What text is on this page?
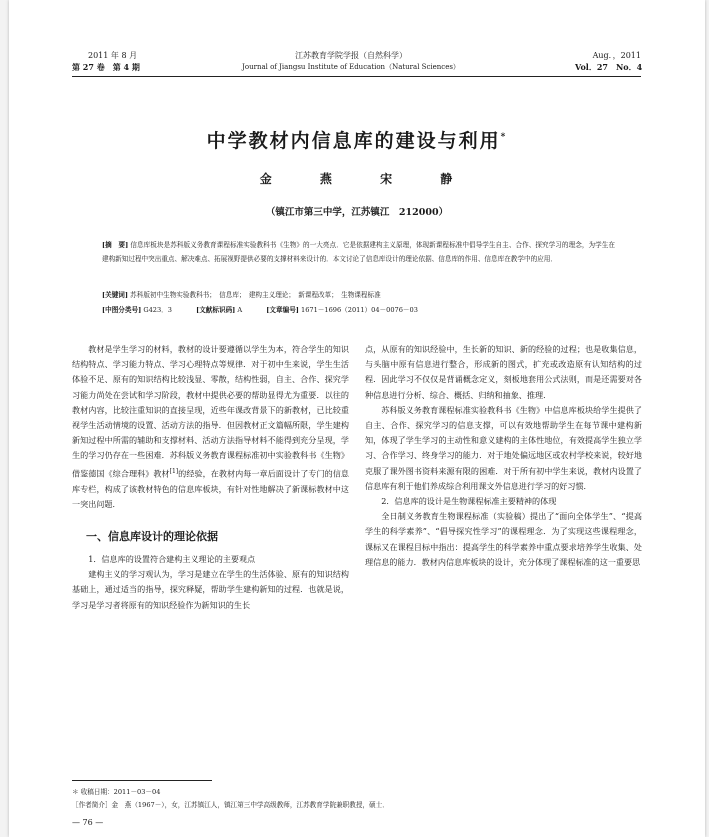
2011 年 8 月
第 27 卷　第 4 期
江苏教育学院学报（自然科学）
Journal of Jiangsu Institute of Education（Natural Sciences）
Aug．，2011
Vol．27　No．4
中学教材内信息库的建设与利用*
金 燕 宋 静
（镇江市第三中学，江苏镇江　212000）
[摘　要] 信息库板块是苏科版义务教育课程标准实验教科书《生物》的一大亮点．它是依据建构主义原理，体现新课程标准中倡导学生自主、合作、探究学习的理念，为学生在建构新知过程中突出重点、解决难点、拓展视野提供必要的支撑材料来设计的．本文讨论了信息库设计的理论依据、信息库的作用、信息库在教学中的应用．
[关键词] 苏科版初中生物实验教科书；　信息库；　建构主义理论；　新课程改革；　生物课程标准
[中图分类号] G423．3	[文献标识码] A	[文章编号] 1671－1696（2011）04－0076－03

教材是学生学习的材料，教材的设计要遵循以学生为本，符合学生的知识结构特点、学习能力特点、学习心理特点等规律．对于初中生来说，学生生活体验不足、原有的知识结构比较浅显、零散，结构性弱，自主、合作、探究学习能力尚处在尝试和学习阶段，教材中提供必要的帮助显得尤为重要．以往的教材内容，比较注重知识的直接呈现，近些年课改背景下的新教材，已比较重视学生活动情境的设置、活动方法的指导．但因教材正文篇幅所限，学生建构新知过程中所需的辅助和支撑材料、活动方法指导材料不能得到充分呈现，学生的学习仍存在一些困难．苏科版义务教育课程标准初中实验教科书《生物》借鉴德国《综合理科》教材[1]的经验，在教材内每一章后面设计了专门的信息库专栏，构成了该教材特色的信息库板块，有针对性地解决了新课标教材中这一突出问题．

一、信息库设计的理论依据

1．信息库的设置符合建构主义理论的主要观点

建构主义的学习观认为，学习是建立在学生的生活体验、原有的知识结构基础上，通过适当的指导，探究释疑，帮助学生建构新知的过程．也就是说，学习是学习者将原有的知识经验作为新知识的生长

点，从原有的知识经验中，生长新的知识、新的经验的过程；也是收集信息，与头脑中原有信息进行整合，形成新的图式，扩充或改造原有认知结构的过程．因此学习不仅仅是背诵概念定义，刻板地套用公式法则，而是还需要对各种信息进行分析、综合、概括、归纳和抽象、推理．

苏科版义务教育课程标准实验教科书《生物》中信息库板块给学生提供了自主、合作、探究学习的信息支撑，可以有效地帮助学生在每节课中建构新知，体现了学生学习的主动性和意义建构的主体性地位，有效提高学生独立学习、合作学习、终身学习的能力．对于地处偏远地区或农村学校来说，较好地克服了课外图书资料来源有限的困难．对于所有初中学生来说，教材内设置了信息库有利于他们养成综合利用课文外信息进行学习的好习惯．

2．信息库的设计是生物课程标准主要精神的体现

全日制义务教育生物课程标准（实验稿）提出了“面向全体学生”、“提高学生的科学素养”、“倡导探究性学习”的课程理念．为了实现这些课程理念，课标又在课程目标中指出：提高学生的科学素养中重点要求培养学生收集、处理信息的能力．教材内信息库板块的设计，充分体现了课程标准的这一重要思

＊ 收稿日期：2011－03－04
［作者简介］金　燕（1967－），女，江苏镇江人，镇江第三中学高级教师，江苏教育学院兼职教授，硕士．
— 76 —
